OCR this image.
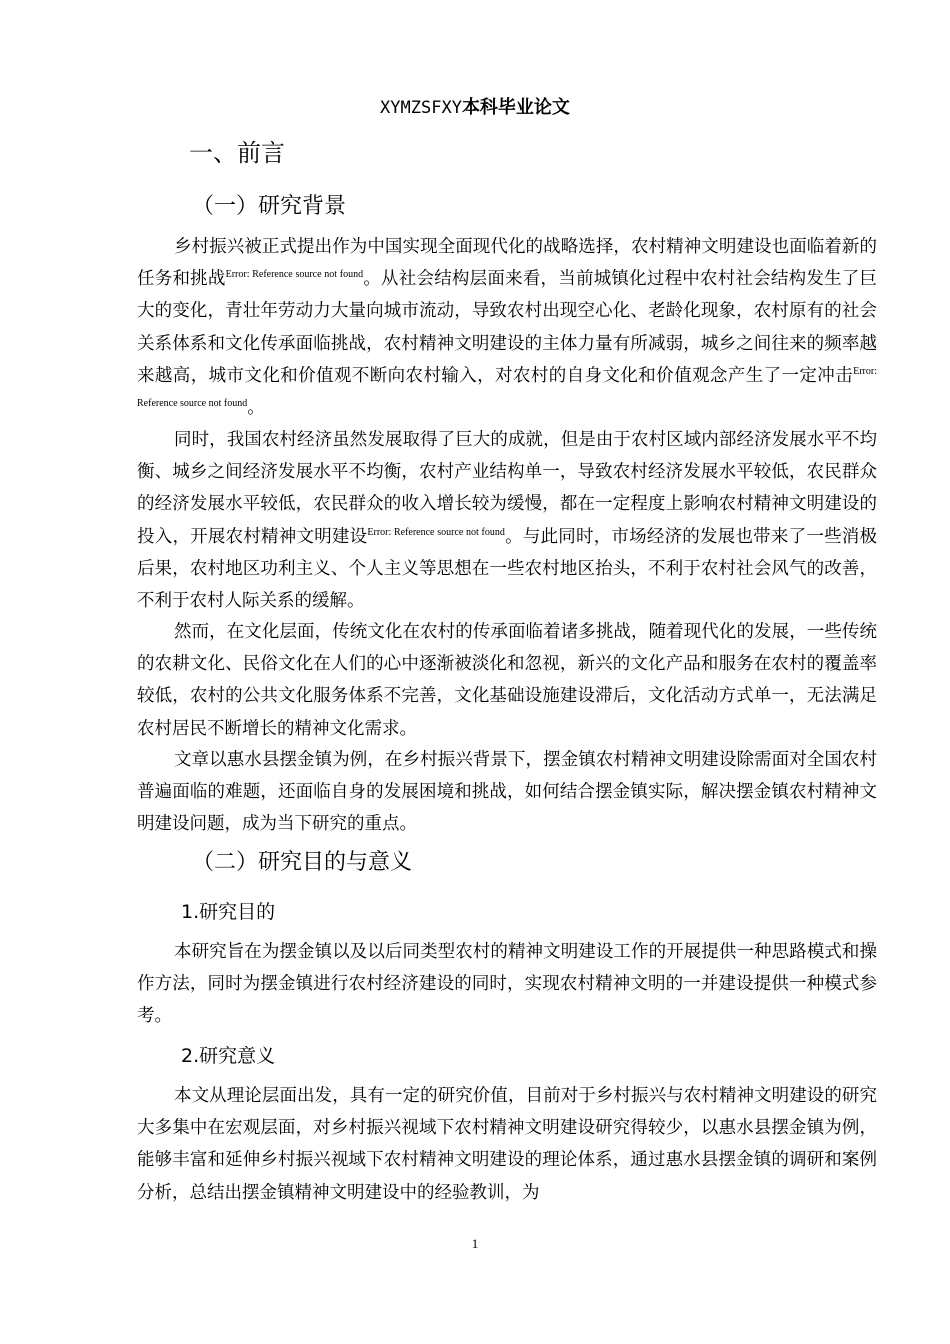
XYMZSFXY本科毕业论文
一、前言
（一）研究背景

乡村振兴被正式提出作为中国实现全面现代化的战略选择，农村精神文明建设也面临着新的任务和挑战$^{Error: Reference source not found}$。从社会结构层面来看，当前城镇化过程中农村社会结构发生了巨大的变化，青壮年劳动力大量向城市流动，导致农村出现空心化、老龄化现象，农村原有的社会关系体系和文化传承面临挑战，农村精神文明建设的主体力量有所减弱，城乡之间往来的频率越来越高，城市文化和价值观不断向农村输入，对农村的自身文化和价值观念产生了一定冲击$^{Error: Reference source not found}$。

同时，我国农村经济虽然发展取得了巨大的成就，但是由于农村区域内部经济发展水平不均衡、城乡之间经济发展水平不均衡，农村产业结构单一，导致农村经济发展水平较低，农民群众的经济发展水平较低，农民群众的收入增长较为缓慢，都在一定程度上影响农村精神文明建设的投入，开展农村精神文明建设$^{Error: Reference source not found}$。与此同时，市场经济的发展也带来了一些消极后果，农村地区功利主义、个人主义等思想在一些农村地区抬头，不利于农村社会风气的改善，不利于农村人际关系的缓解。

然而，在文化层面，传统文化在农村的传承面临着诸多挑战，随着现代化的发展，一些传统的农耕文化、民俗文化在人们的心中逐渐被淡化和忽视，新兴的文化产品和服务在农村的覆盖率较低，农村的公共文化服务体系不完善，文化基础设施建设滞后，文化活动方式单一，无法满足农村居民不断增长的精神文化需求。

文章以惠水县摆金镇为例，在乡村振兴背景下，摆金镇农村精神文明建设除需面对全国农村普遍面临的难题，还面临自身的发展困境和挑战，如何结合摆金镇实际，解决摆金镇农村精神文明建设问题，成为当下研究的重点。

（二）研究目的与意义
1.研究目的

本研究旨在为摆金镇以及以后同类型农村的精神文明建设工作的开展提供一种思路模式和操作方法，同时为摆金镇进行农村经济建设的同时，实现农村精神文明的一并建设提供一种模式参考。

2.研究意义

本文从理论层面出发，具有一定的研究价值，目前对于乡村振兴与农村精神文明建设的研究大多集中在宏观层面，对乡村振兴视域下农村精神文明建设研究得较少，以惠水县摆金镇为例，能够丰富和延伸乡村振兴视域下农村精神文明建设的理论体系，通过惠水县摆金镇的调研和案例分析，总结出摆金镇精神文明建设中的经验教训，为

1
